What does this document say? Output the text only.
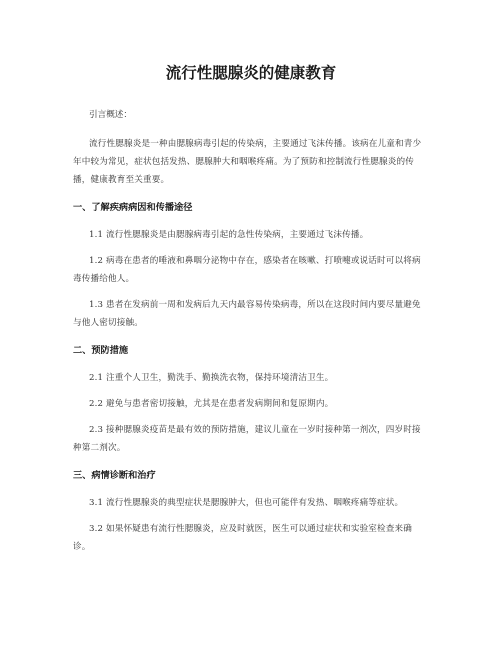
流行性腮腺炎的健康教育

引言概述：

流行性腮腺炎是一种由腮腺病毒引起的传染病，主要通过飞沫传播。该病在儿童和青少年中较为常见，症状包括发热、腮腺肿大和咽喉疼痛。为了预防和控制流行性腮腺炎的传播，健康教育至关重要。

一、了解疾病病因和传播途径

1.1 流行性腮腺炎是由腮腺病毒引起的急性传染病，主要通过飞沫传播。

1.2 病毒在患者的唾液和鼻咽分泌物中存在，感染者在咳嗽、打喷嚏或说话时可以将病毒传播给他人。

1.3 患者在发病前一周和发病后九天内最容易传染病毒，所以在这段时间内要尽量避免与他人密切接触。

二、预防措施

2.1 注重个人卫生，勤洗手、勤换洗衣物，保持环境清洁卫生。

2.2 避免与患者密切接触，尤其是在患者发病期间和复原期内。

2.3 接种腮腺炎疫苗是最有效的预防措施，建议儿童在一岁时接种第一剂次，四岁时接种第二剂次。

三、病情诊断和治疗

3.1 流行性腮腺炎的典型症状是腮腺肿大，但也可能伴有发热、咽喉疼痛等症状。

3.2 如果怀疑患有流行性腮腺炎，应及时就医，医生可以通过症状和实验室检查来确诊。
